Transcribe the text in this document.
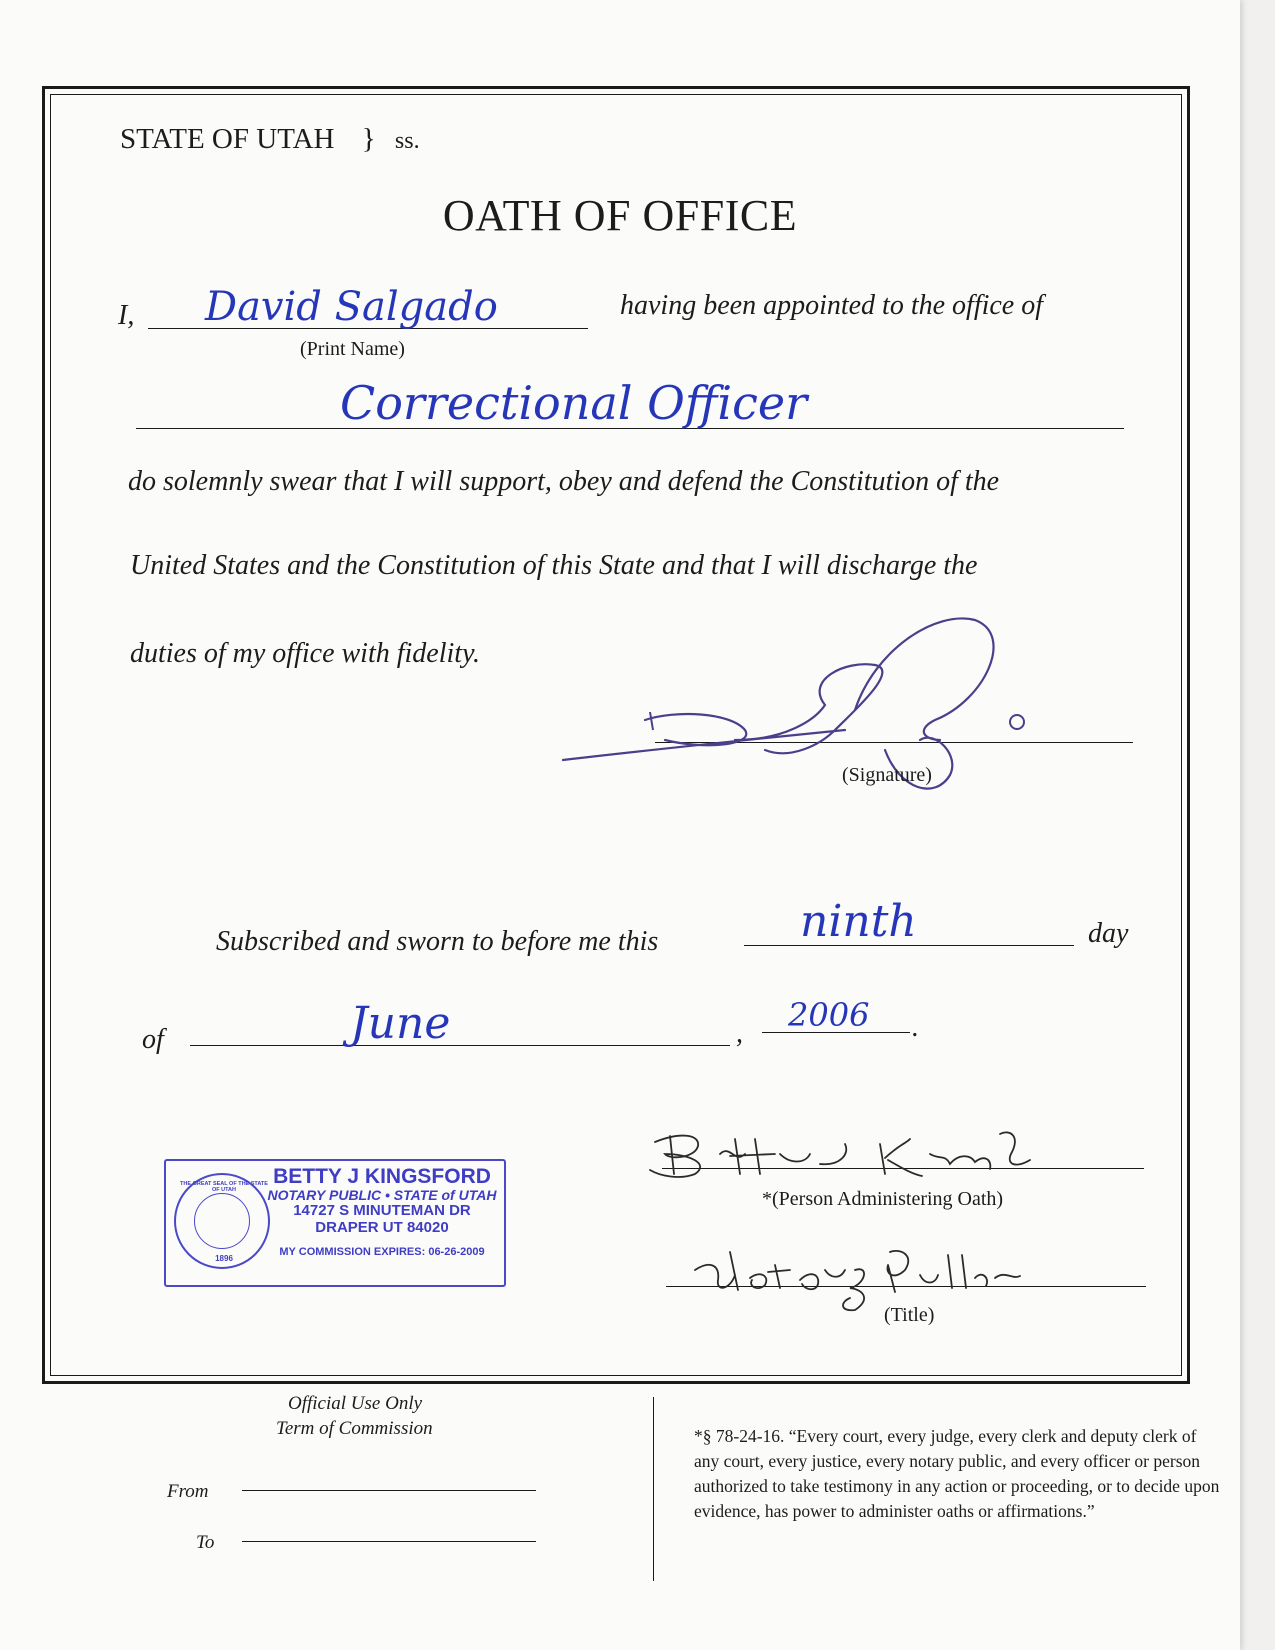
STATE OF UTAH } ss.
OATH OF OFFICE
I, David Salgado	having been appointed to the office of
(Print Name)
Correctional Officer
do solemnly swear that I will support, obey and defend the Constitution of the
United States and the Constitution of this State and that I will discharge the
duties of my office with fidelity.
(Signature)
Subscribed and sworn to before me this	ninth	day
of	June	, 2006 .
THE GREAT SEAL OF THE STATE OF UTAH
1896
BETTY J KINGSFORD
NOTARY PUBLIC • STATE of UTAH
14727 S MINUTEMAN DR
DRAPER UT 84020
MY COMMISSION EXPIRES: 06-26-2009
*(Person Administering Oath)
(Title)
Official Use Only
Term of Commission
From
To
*§ 78-24-16. “Every court, every judge, every clerk and deputy clerk of any court, every justice, every notary public, and every officer or person authorized to take testimony in any action or proceeding, or to decide upon evidence, has power to administer oaths or affirmations.”
